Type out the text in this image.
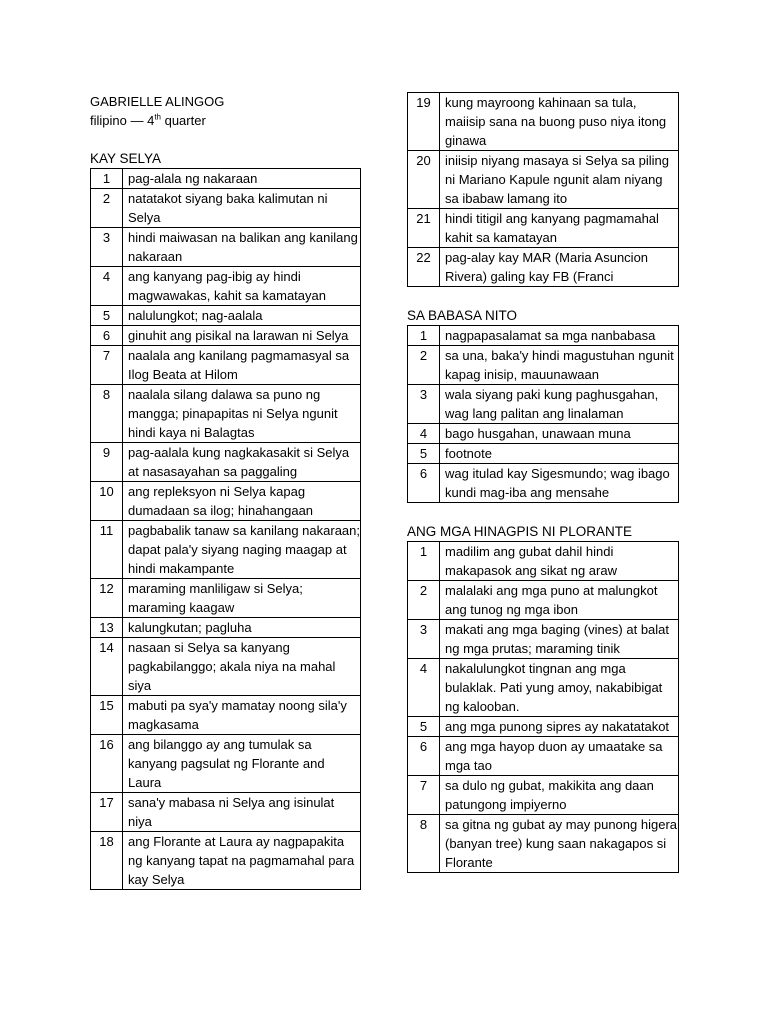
GABRIELLE ALINGOG
filipino — 4th quarter
KAY SELYA
1	pag-alala ng nakaraan
2	natatakot siyang baka kalimutan ni Selya
3	hindi maiwasan na balikan ang kanilang nakaraan
4	ang kanyang pag-ibig ay hindi magwawakas, kahit sa kamatayan
5	nalulungkot; nag-aalala
6	ginuhit ang pisikal na larawan ni Selya
7	naalala ang kanilang pagmamasyal sa Ilog Beata at Hilom
8	naalala silang dalawa sa puno ng mangga; pinapapitas ni Selya ngunit hindi kaya ni Balagtas
9	pag-aalala kung nagkakasakit si Selya at nasasayahan sa paggaling
10	ang repleksyon ni Selya kapag dumadaan sa ilog; hinahangaan
11	pagbabalik tanaw sa kanilang nakaraan; dapat pala'y siyang naging maagap at hindi makampante
12	maraming manliligaw si Selya; maraming kaagaw
13	kalungkutan; pagluha
14	nasaan si Selya sa kanyang pagkabilanggo; akala niya na mahal siya
15	mabuti pa sya'y mamatay noong sila'y magkasama
16	ang bilanggo ay ang tumulak sa kanyang pagsulat ng Florante and Laura
17	sana'y mabasa ni Selya ang isinulat niya
18	ang Florante at Laura ay nagpapakita ng kanyang tapat na pagmamahal para kay Selya
19	kung mayroong kahinaan sa tula, maiisip sana na buong puso niya itong ginawa
20	iniisip niyang masaya si Selya sa piling ni Mariano Kapule ngunit alam niyang sa ibabaw lamang ito
21	hindi titigil ang kanyang pagmamahal kahit sa kamatayan
22	pag-alay kay MAR (Maria Asuncion Rivera) galing kay FB (Franci
SA BABASA NITO
1	nagpapasalamat sa mga nanbabasa
2	sa una, baka'y hindi magustuhan ngunit kapag inisip, mauunawaan
3	wala siyang paki kung paghusgahan, wag lang palitan ang linalaman
4	bago husgahan, unawaan muna
5	footnote
6	wag itulad kay Sigesmundo; wag ibago kundi mag-iba ang mensahe
ANG MGA HINAGPIS NI PLORANTE
1	madilim ang gubat dahil hindi makapasok ang sikat ng araw
2	malalaki ang mga puno at malungkot ang tunog ng mga ibon
3	makati ang mga baging (vines) at balat ng mga prutas; maraming tinik
4	nakalulungkot tingnan ang mga bulaklak. Pati yung amoy, nakabibigat ng kalooban.
5	ang mga punong sipres ay nakatatakot
6	ang mga hayop duon ay umaatake sa mga tao
7	sa dulo ng gubat, makikita ang daan patungong impiyerno
8	sa gitna ng gubat ay may punong higera (banyan tree) kung saan nakagapos si Florante
